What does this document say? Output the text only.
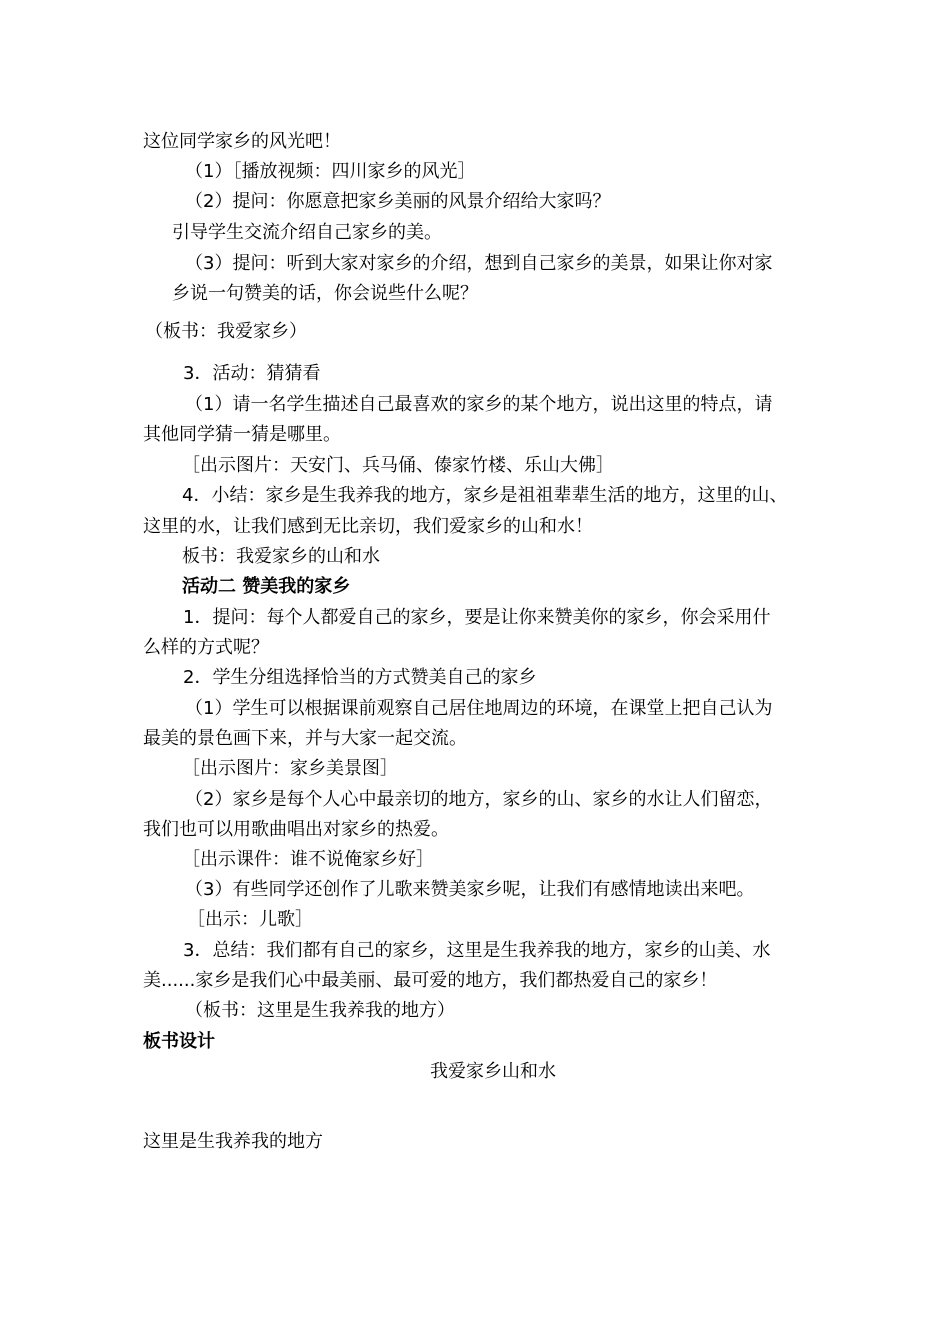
这位同学家乡的风光吧！
（1）［播放视频：四川家乡的风光］
（2）提问：你愿意把家乡美丽的风景介绍给大家吗？
引导学生交流介绍自己家乡的美。
（3）提问：听到大家对家乡的介绍，想到自己家乡的美景，如果让你对家
乡说一句赞美的话，你会说些什么呢？
（板书：我爱家乡）
3．活动：猜猜看
（1）请一名学生描述自己最喜欢的家乡的某个地方，说出这里的特点，请
其他同学猜一猜是哪里。
［出示图片：天安门、兵马俑、傣家竹楼、乐山大佛］
4．小结：家乡是生我养我的地方，家乡是祖祖辈辈生活的地方，这里的山、
这里的水，让我们感到无比亲切，我们爱家乡的山和水！
板书：我爱家乡的山和水
活动二 赞美我的家乡
1．提问：每个人都爱自己的家乡，要是让你来赞美你的家乡，你会采用什
么样的方式呢？
2．学生分组选择恰当的方式赞美自己的家乡
（1）学生可以根据课前观察自己居住地周边的环境，在课堂上把自己认为
最美的景色画下来，并与大家一起交流。
［出示图片：家乡美景图］
（2）家乡是每个人心中最亲切的地方，家乡的山、家乡的水让人们留恋，
我们也可以用歌曲唱出对家乡的热爱。
［出示课件：谁不说俺家乡好］
（3）有些同学还创作了儿歌来赞美家乡呢，让我们有感情地读出来吧。
［出示：儿歌］
3．总结：我们都有自己的家乡，这里是生我养我的地方，家乡的山美、水
美......家乡是我们心中最美丽、最可爱的地方，我们都热爱自己的家乡！
（板书：这里是生我养我的地方）
板书设计
我爱家乡山和水
这里是生我养我的地方
